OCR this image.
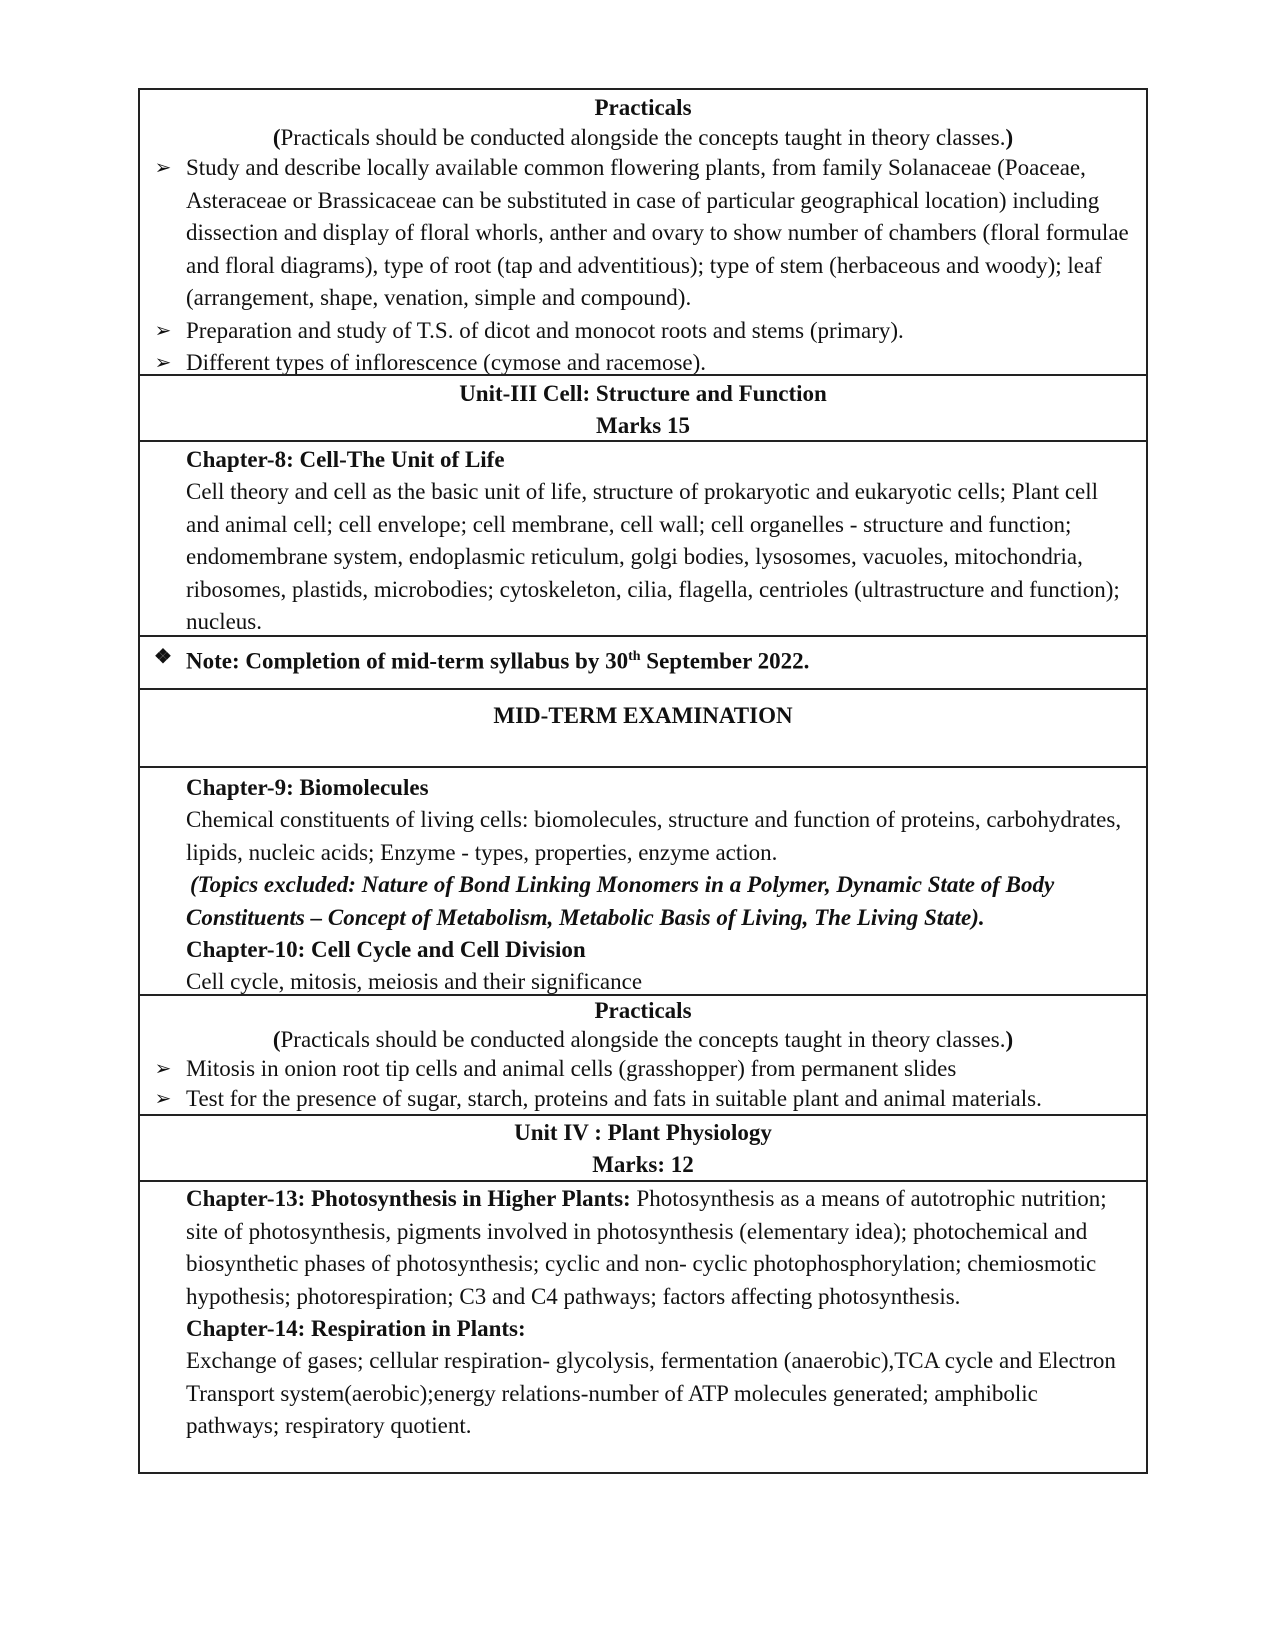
Practicals
(Practicals should be conducted alongside the concepts taught in theory classes.)
➢ Study and describe locally available common flowering plants, from family Solanaceae (Poaceae, Asteraceae or Brassicaceae can be substituted in case of particular geographical location) including dissection and display of floral whorls, anther and ovary to show number of chambers (floral formulae and floral diagrams), type of root (tap and adventitious); type of stem (herbaceous and woody); leaf (arrangement, shape, venation, simple and compound).
➢ Preparation and study of T.S. of dicot and monocot roots and stems (primary).
➢ Different types of inflorescence (cymose and racemose).
Unit-III Cell: Structure and Function
Marks 15
Chapter-8: Cell-The Unit of Life
Cell theory and cell as the basic unit of life, structure of prokaryotic and eukaryotic cells; Plant cell and animal cell; cell envelope; cell membrane, cell wall; cell organelles - structure and function; endomembrane system, endoplasmic reticulum, golgi bodies, lysosomes, vacuoles, mitochondria, ribosomes, plastids, microbodies; cytoskeleton, cilia, flagella, centrioles (ultrastructure and function); nucleus.
❖ Note: Completion of mid-term syllabus by 30th September 2022.
MID-TERM EXAMINATION
Chapter-9: Biomolecules
Chemical constituents of living cells: biomolecules, structure and function of proteins, carbohydrates, lipids, nucleic acids; Enzyme - types, properties, enzyme action.
(Topics excluded: Nature of Bond Linking Monomers in a Polymer, Dynamic State of Body Constituents – Concept of Metabolism, Metabolic Basis of Living, The Living State).
Chapter-10: Cell Cycle and Cell Division
Cell cycle, mitosis, meiosis and their significance
Practicals
(Practicals should be conducted alongside the concepts taught in theory classes.)
➢ Mitosis in onion root tip cells and animal cells (grasshopper) from permanent slides
➢ Test for the presence of sugar, starch, proteins and fats in suitable plant and animal materials.
Unit IV : Plant Physiology
Marks: 12
Chapter-13: Photosynthesis in Higher Plants: Photosynthesis as a means of autotrophic nutrition; site of photosynthesis, pigments involved in photosynthesis (elementary idea); photochemical and biosynthetic phases of photosynthesis; cyclic and non- cyclic photophosphorylation; chemiosmotic hypothesis; photorespiration; C3 and C4 pathways; factors affecting photosynthesis.
Chapter-14: Respiration in Plants:
Exchange of gases; cellular respiration- glycolysis, fermentation (anaerobic),TCA cycle and Electron Transport system(aerobic);energy relations-number of ATP molecules generated; amphibolic pathways; respiratory quotient.
